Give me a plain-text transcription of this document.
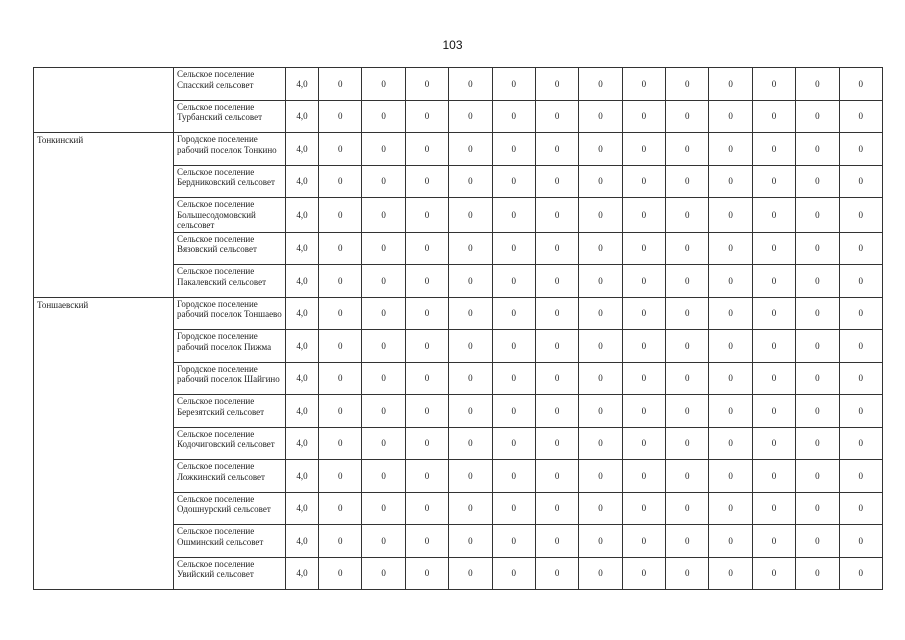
103
	Сельское поселение Спасский сельсовет	4,0	0	0	0	0	0	0	0	0	0	0	0	0	0
	Сельское поселение Турбанский сельсовет	4,0	0	0	0	0	0	0	0	0	0	0	0	0	0
Тонкинский	Городское поселение рабочий поселок Тонкино	4,0	0	0	0	0	0	0	0	0	0	0	0	0	0
	Сельское поселение Бердниковский сельсовет	4,0	0	0	0	0	0	0	0	0	0	0	0	0	0
	Сельское поселение Большесодомовский сельсовет	4,0	0	0	0	0	0	0	0	0	0	0	0	0	0
	Сельское поселение Вязовский сельсовет	4,0	0	0	0	0	0	0	0	0	0	0	0	0	0
	Сельское поселение Пакалевский сельсовет	4,0	0	0	0	0	0	0	0	0	0	0	0	0	0
Тоншаевский	Городское поселение рабочий поселок Тоншаево	4,0	0	0	0	0	0	0	0	0	0	0	0	0	0
	Городское поселение рабочий поселок Пижма	4,0	0	0	0	0	0	0	0	0	0	0	0	0	0
	Городское поселение рабочий поселок Шайгино	4,0	0	0	0	0	0	0	0	0	0	0	0	0	0
	Сельское поселение Березятский сельсовет	4,0	0	0	0	0	0	0	0	0	0	0	0	0	0
	Сельское поселение Кодочиговский сельсовет	4,0	0	0	0	0	0	0	0	0	0	0	0	0	0
	Сельское поселение Ложкинский сельсовет	4,0	0	0	0	0	0	0	0	0	0	0	0	0	0
	Сельское поселение Одошнурский сельсовет	4,0	0	0	0	0	0	0	0	0	0	0	0	0	0
	Сельское поселение Ошминский сельсовет	4,0	0	0	0	0	0	0	0	0	0	0	0	0	0
	Сельское поселение Увийский сельсовет	4,0	0	0	0	0	0	0	0	0	0	0	0	0	0
